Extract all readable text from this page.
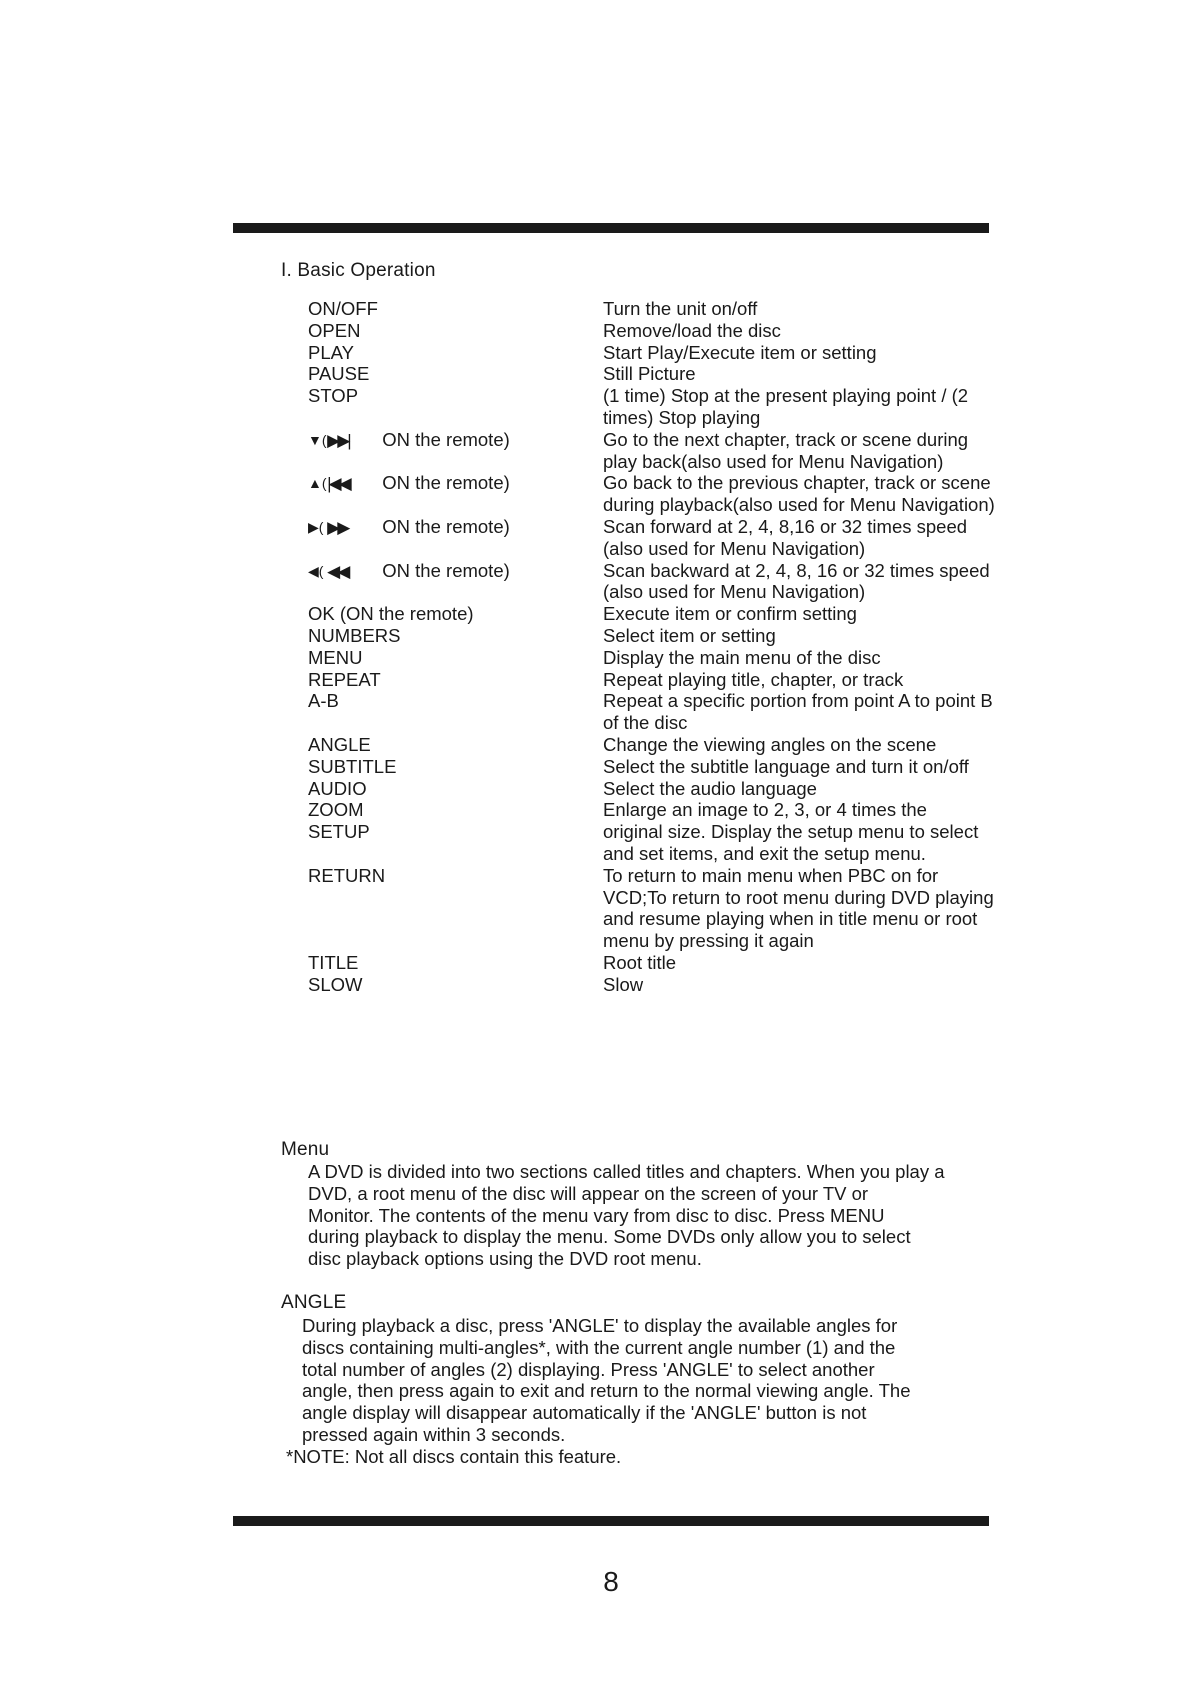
I. Basic Operation
ON/OFF	Turn the unit on/off
OPEN	Remove/load the disc
PLAY	Start Play/Execute item or setting
PAUSE	Still Picture
STOP	(1 time) Stop at the present playing point / (2 times) Stop playing
▼( ▶▶| ON the remote)	Go to the next chapter, track or scene during play back(also used for Menu Navigation)
▲( |◀◀ ON the remote)	Go back to the previous chapter, track or scene during playback(also used for Menu Navigation)
▶( ▶▶ ON the remote)	Scan forward at 2, 4, 8,16 or 32 times speed (also used for Menu Navigation)
◀( ◀◀ ON the remote)	Scan backward at 2, 4, 8, 16 or 32 times speed (also used for Menu Navigation)
OK (ON the remote)	Execute item or confirm setting
NUMBERS	Select item or setting
MENU	Display the main menu of the disc
REPEAT	Repeat playing title, chapter, or track
A-B	Repeat a specific portion from point A to point B of the disc
ANGLE	Change the viewing angles on the scene
SUBTITLE	Select the subtitle language and turn it on/off
AUDIO	Select the audio language
ZOOM	Enlarge an image to 2, 3, or 4 times the
SETUP	original size. Display the setup menu to select and set items, and exit the setup menu.
RETURN	To return to main menu when PBC on for VCD;To return to root menu during DVD playing and resume playing when in title menu or root menu by pressing it again
TITLE	Root title
SLOW	Slow
Menu
A DVD is divided into two sections called titles and chapters. When you play a
DVD, a root menu of the disc will appear on the screen of your TV or
Monitor. The contents of the menu vary from disc to disc. Press MENU
during playback to display the menu. Some DVDs only allow you to select
disc playback options using the DVD root menu.
ANGLE
During playback a disc, press 'ANGLE' to display the available angles for
discs containing multi-angles*, with the current angle number (1) and the
total number of angles (2) displaying. Press 'ANGLE' to select another
angle, then press again to exit and return to the normal viewing angle. The
angle display will disappear automatically if the 'ANGLE' button is not
pressed again within 3 seconds.
*NOTE: Not all discs contain this feature.
8
